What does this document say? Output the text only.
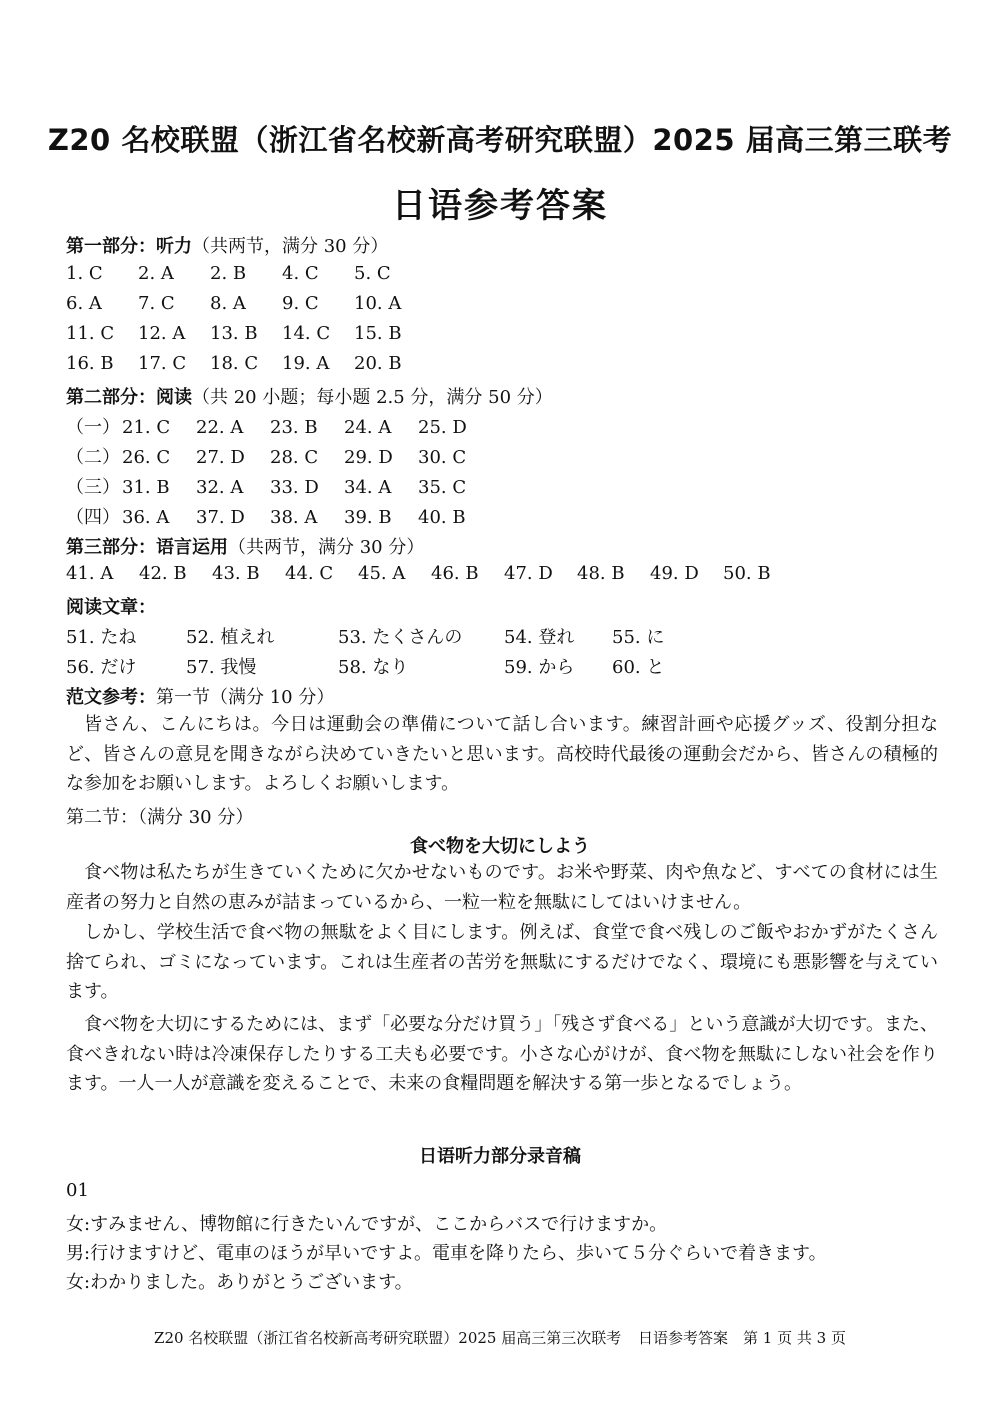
Z20 名校联盟（浙江省名校新高考研究联盟）2025 届高三第三联考
日语参考答案
第一部分：听力（共两节，满分 30 分）
1. C 2. A 2. B 4. C 5. C
6. A 7. C 8. A 9. C 10. A
11. C 12. A 13. B 14. C 15. B
16. B 17. C 18. C 19. A 20. B
第二部分：阅读（共 20 小题；每小题 2.5 分，满分 50 分）
（一） 21. C 22. A 23. B 24. A 25. D
（二） 26. C 27. D 28. C 29. D 30. C
（三） 31. B 32. A 33. D 34. A 35. C
（四） 36. A 37. D 38. A 39. B 40. B
第三部分：语言运用（共两节，满分 30 分）
41. A 42. B 43. B 44. C 45. A 46. B 47. D 48. B 49. D 50. B
阅读文章：
51. たね	52. 植えれ	53. たくさんの 54. 登れ 55. に
56. だけ	57. 我慢	58. なり	59. から 60. と
范文参考：第一节（满分 10 分）
皆さん、こんにちは。今日は運動会の準備について話し合います。練習計画や応援グッズ、役割分担など、皆さんの意見を聞きながら決めていきたいと思います。高校時代最後の運動会だから、皆さんの積極的な参加をお願いします。よろしくお願いします。
第二节：（满分 30 分）
食べ物を大切にしよう
食べ物は私たちが生きていくために欠かせないものです。お米や野菜、肉や魚など、すべての食材には生産者の努力と自然の恵みが詰まっているから、一粒一粒を無駄にしてはいけません。
しかし、学校生活で食べ物の無駄をよく目にします。例えば、食堂で食べ残しのご飯やおかずがたくさん捨てられ、ゴミになっています。これは生産者の苦労を無駄にするだけでなく、環境にも悪影響を与えています。
食べ物を大切にするためには、まず「必要な分だけ買う」「残さず食べる」という意識が大切です。また、食べきれない時は冷凍保存したりする工夫も必要です。小さな心がけが、食べ物を無駄にしない社会を作ります。一人一人が意識を変えることで、未来の食糧問題を解決する第一歩となるでしょう。
日语听力部分录音稿
01
女:すみません、博物館に行きたいんですが、ここからバスで行けますか。
男:行けますけど、電車のほうが早いですよ。電車を降りたら、歩いて５分ぐらいで着きます。
女:わかりました。ありがとうございます。
Z20 名校联盟（浙江省名校新高考研究联盟）2025 届高三第三次联考 日语参考答案　第 1 页 共 3 页
